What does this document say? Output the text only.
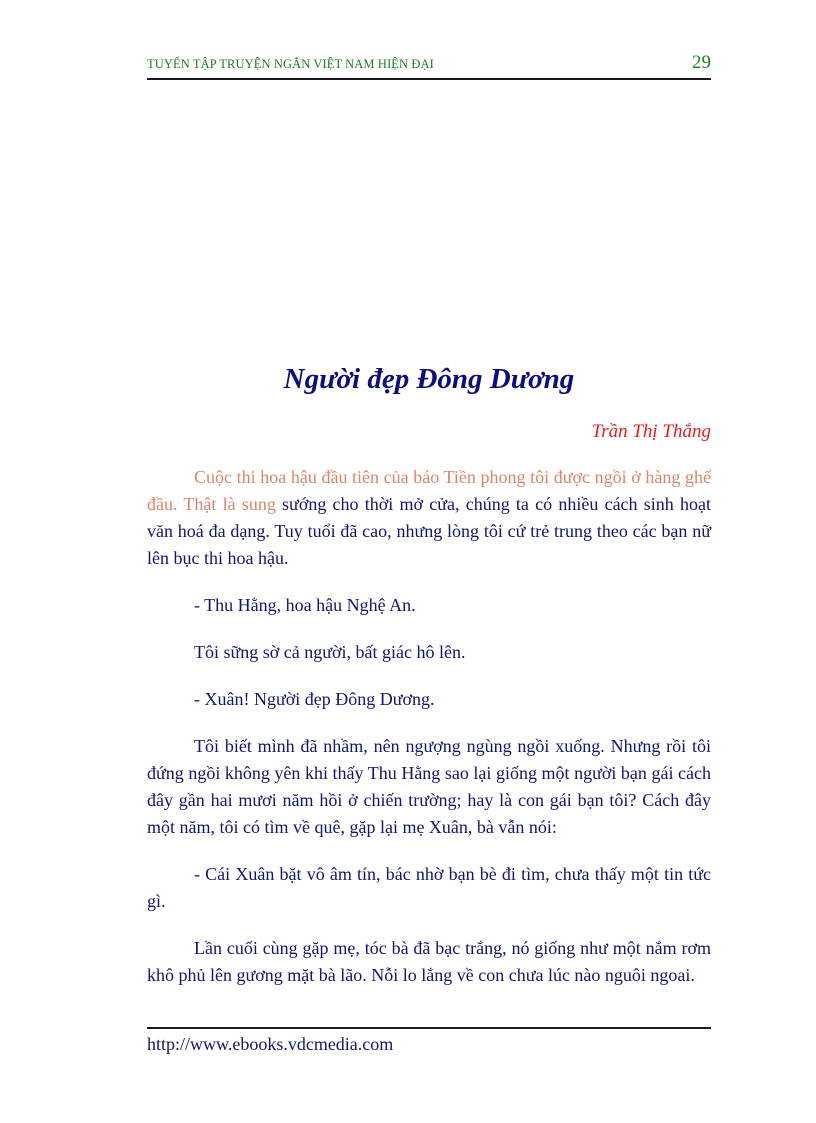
TUYỂN TẬP TRUYỆN NGẮN VIỆT NAM HIỆN ĐẠI	29
Người đẹp Đông Dương
Trần Thị Thắng

Cuộc thi hoa hậu đầu tiên của báo Tiền phong tôi được ngồi ở hàng ghế đầu. Thật là sung sướng cho thời mở cửa, chúng ta có nhiều cách sinh hoạt văn hoá đa dạng. Tuy tuổi đã cao, nhưng lòng tôi cứ trẻ trung theo các bạn nữ lên bục thi hoa hậu.

- Thu Hằng, hoa hậu Nghệ An.

Tôi sững sờ cả người, bất giác hô lên.

- Xuân! Người đẹp Đông Dương.

Tôi biết mình đã nhầm, nên ngượng ngùng ngồi xuống. Nhưng rồi tôi đứng ngồi không yên khi thấy Thu Hằng sao lại giống một người bạn gái cách đây gần hai mươi năm hồi ở chiến trường; hay là con gái bạn tôi? Cách đây một năm, tôi có tìm về quê, gặp lại mẹ Xuân, bà vẫn nói:

- Cái Xuân bặt vô âm tín, bác nhờ bạn bè đi tìm, chưa thấy một tin tức gì.

Lần cuối cùng gặp mẹ, tóc bà đã bạc trắng, nó giống như một nắm rơm khô phủ lên gương mặt bà lão. Nỗi lo lắng về con chưa lúc nào nguôi ngoai.

http://www.ebooks.vdcmedia.com
